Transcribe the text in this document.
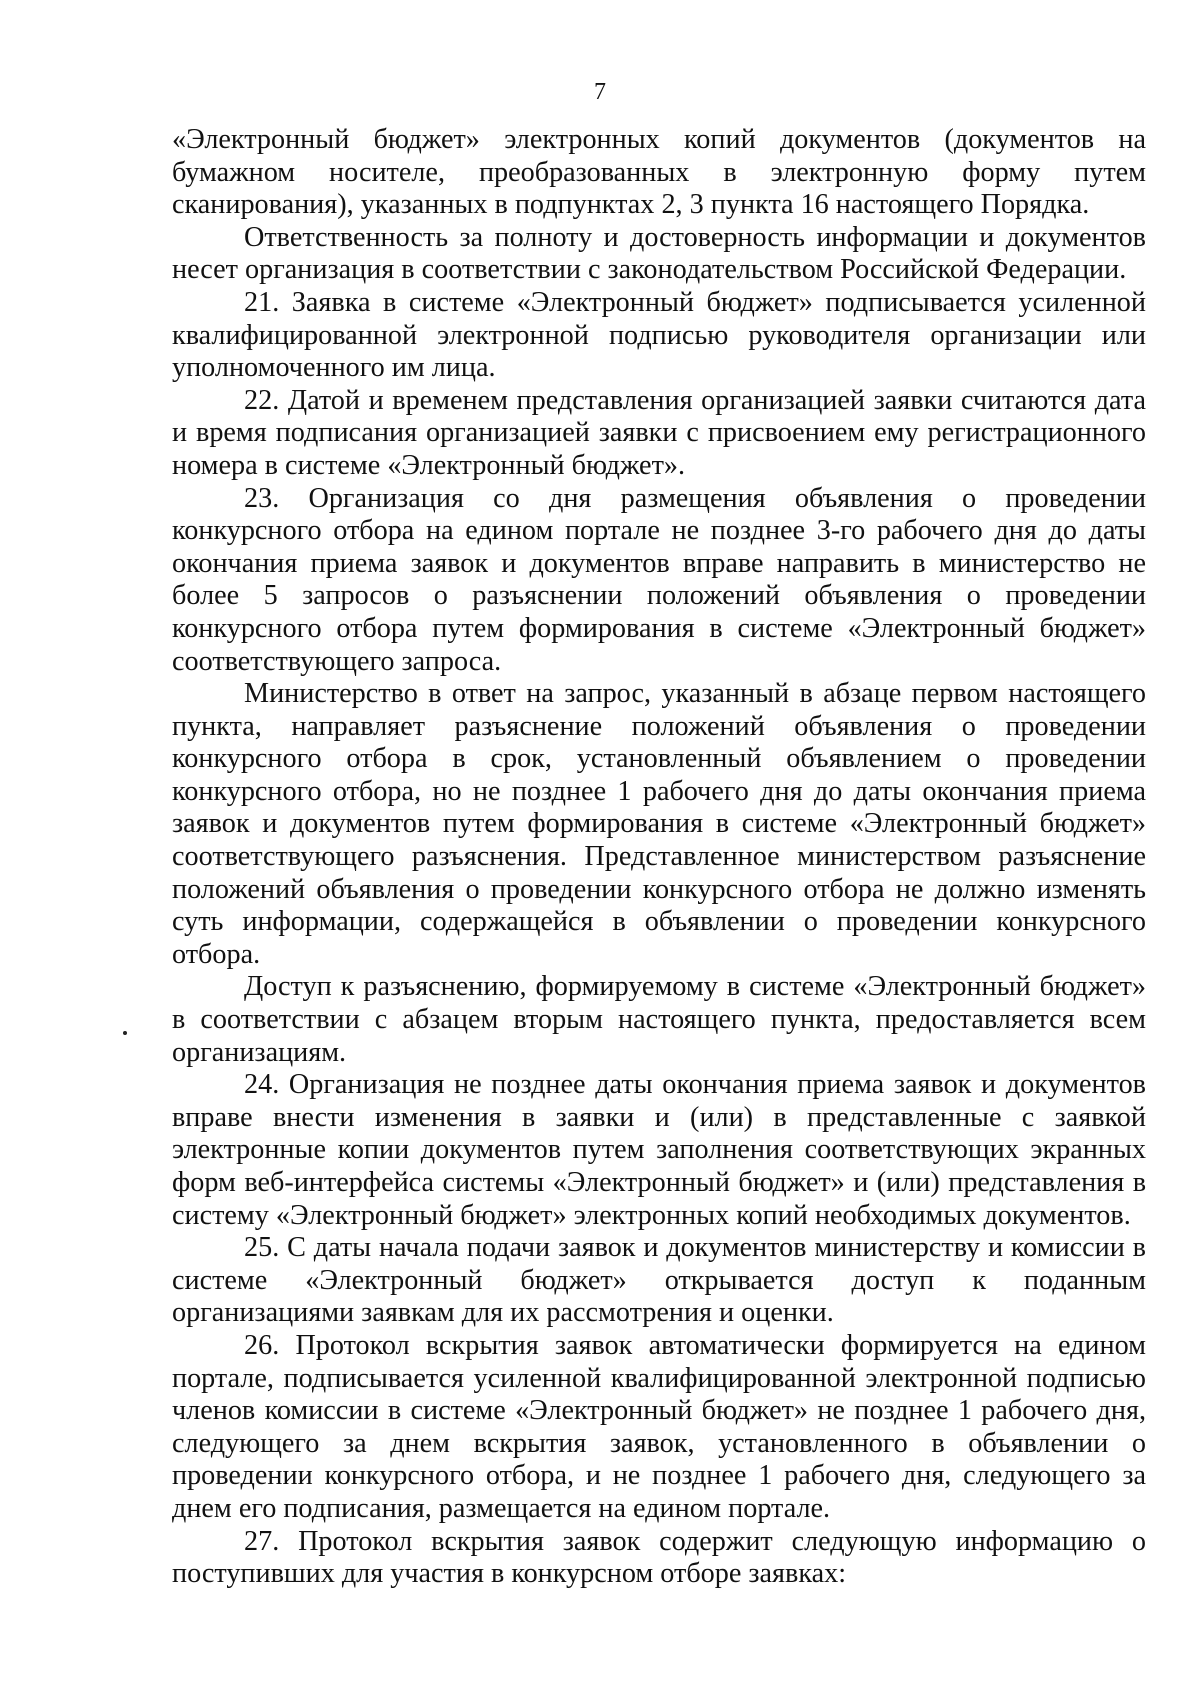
7

«Электронный бюджет» электронных копий документов (документов на бумажном носителе, преобразованных в электронную форму путем сканирования), указанных в подпунктах 2, 3 пункта 16 настоящего Порядка.

Ответственность за полноту и достоверность информации и документов несет организация в соответствии с законодательством Российской Федерации.

21. Заявка в системе «Электронный бюджет» подписывается усиленной квалифицированной электронной подписью руководителя организации или уполномоченного им лица.

22. Датой и временем представления организацией заявки считаются дата и время подписания организацией заявки с присвоением ему регистрационного номера в системе «Электронный бюджет».

23. Организация со дня размещения объявления о проведении конкурсного отбора на едином портале не позднее 3-го рабочего дня до даты окончания приема заявок и документов вправе направить в министерство не более 5 запросов о разъяснении положений объявления о проведении конкурсного отбора путем формирования в системе «Электронный бюджет» соответствующего запроса.

Министерство в ответ на запрос, указанный в абзаце первом настоящего пункта, направляет разъяснение положений объявления о проведении конкурсного отбора в срок, установленный объявлением о проведении конкурсного отбора, но не позднее 1 рабочего дня до даты окончания приема заявок и документов путем формирования в системе «Электронный бюджет» соответствующего разъяснения. Представленное министерством разъяснение положений объявления о проведении конкурсного отбора не должно изменять суть информации, содержащейся в объявлении о проведении конкурсного отбора.

Доступ к разъяснению, формируемому в системе «Электронный бюджет» в соответствии с абзацем вторым настоящего пункта, предоставляется всем организациям.

24. Организация не позднее даты окончания приема заявок и документов вправе внести изменения в заявки и (или) в представленные с заявкой электронные копии документов путем заполнения соответствующих экранных форм веб-интерфейса системы «Электронный бюджет» и (или) представления в систему «Электронный бюджет» электронных копий необходимых документов.

25. С даты начала подачи заявок и документов министерству и комиссии в системе «Электронный бюджет» открывается доступ к поданным организациями заявкам для их рассмотрения и оценки.

26. Протокол вскрытия заявок автоматически формируется на едином портале, подписывается усиленной квалифицированной электронной подписью членов комиссии в системе «Электронный бюджет» не позднее 1 рабочего дня, следующего за днем вскрытия заявок, установленного в объявлении о проведении конкурсного отбора, и не позднее 1 рабочего дня, следующего за днем его подписания, размещается на едином портале.

27. Протокол вскрытия заявок содержит следующую информацию о поступивших для участия в конкурсном отборе заявках:
